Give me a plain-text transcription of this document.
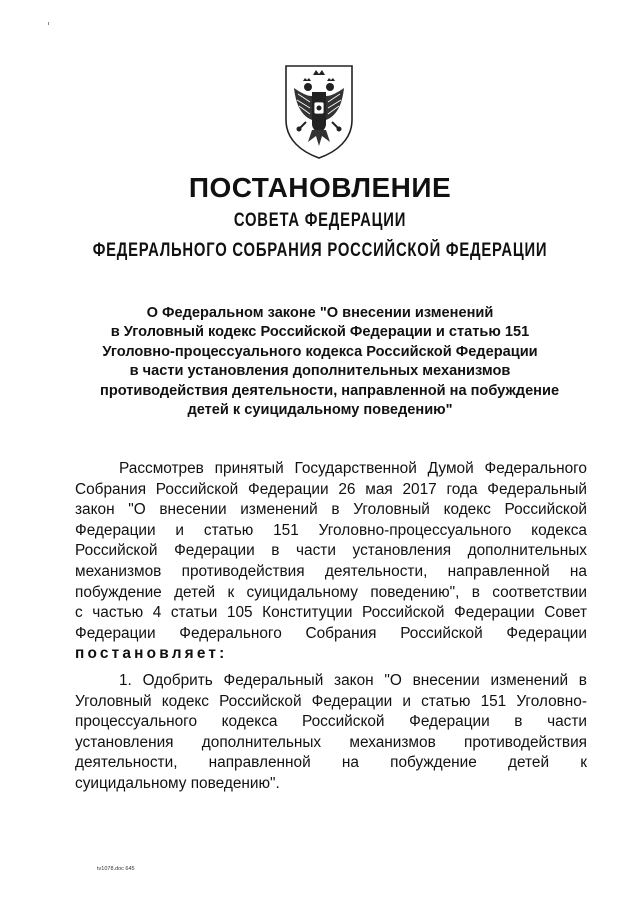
ПОСТАНОВЛЕНИЕ
СОВЕТА ФЕДЕРАЦИИ
ФЕДЕРАЛЬНОГО СОБРАНИЯ РОССИЙСКОЙ ФЕДЕРАЦИИ
О Федеральном законе "О внесении изменений
в Уголовный кодекс Российской Федерации и статью 151
Уголовно-процессуального кодекса Российской Федерации
в части установления дополнительных механизмов
противодействия деятельности, направленной на побуждение
детей к суицидальному поведению"
Рассмотрев принятый Государственной Думой Федерального
Собрания Российской Федерации 26 мая 2017 года Федеральный
закон "О внесении изменений в Уголовный кодекс Российской
Федерации и статью 151 Уголовно-процессуального кодекса
Российской Федерации в части установления дополнительных
механизмов противодействия деятельности, направленной на
побуждение детей к суицидальному поведению", в соответствии
с частью 4 статьи 105 Конституции Российской Федерации Совет
Федерации Федерального Собрания Российской Федерации
постановляет:
1. Одобрить Федеральный закон "О внесении изменений в
Уголовный кодекс Российской Федерации и статью 151 Уголовно-
процессуального кодекса Российской Федерации в части
установления дополнительных механизмов противодействия
деятельности, направленной на побуждение детей к
суицидальному поведению".
tv1078.doc 645
